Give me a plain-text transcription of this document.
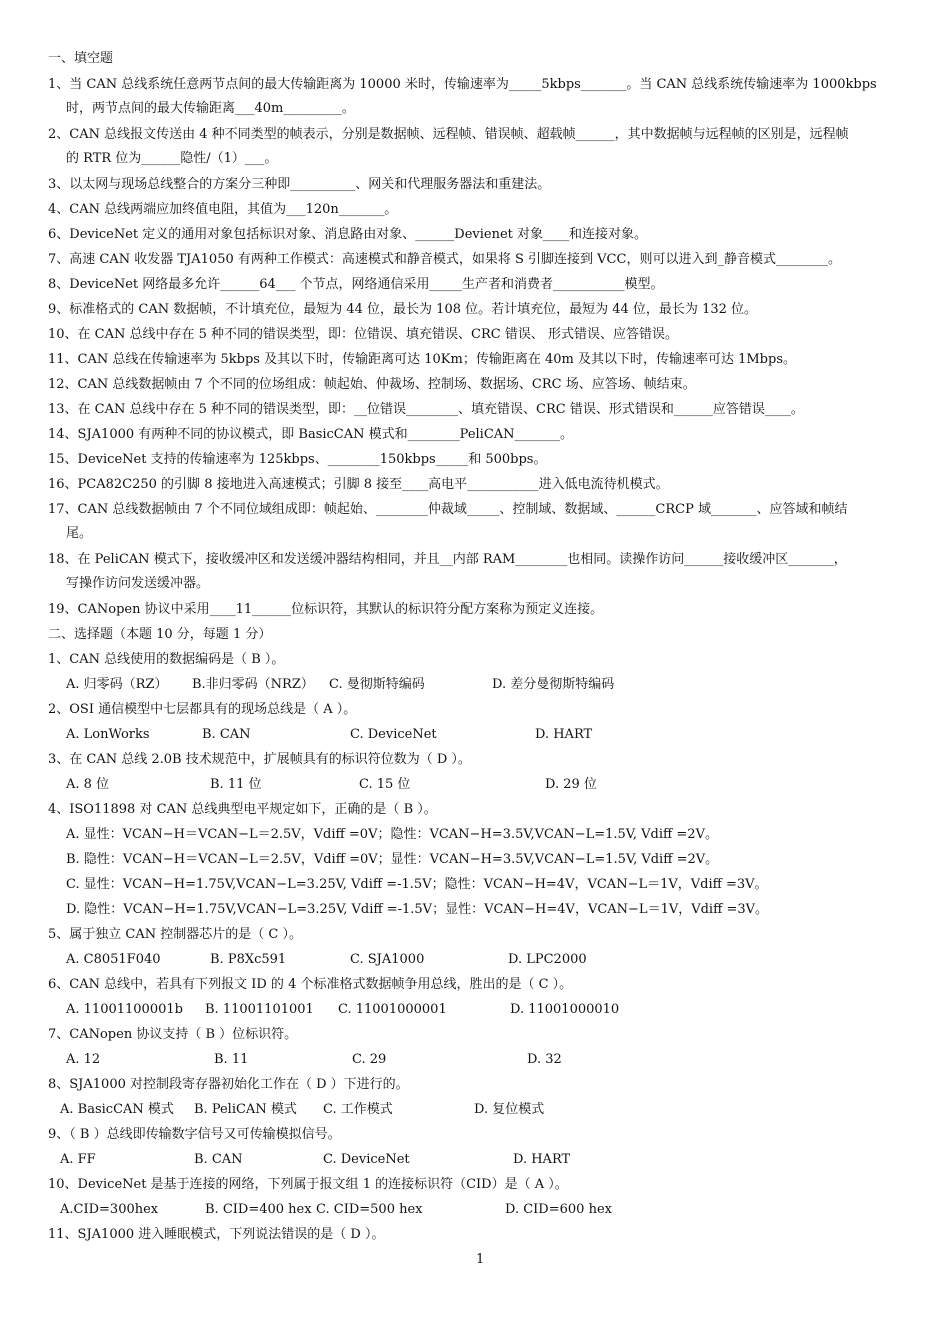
一、填空题
1、当 CAN 总线系统任意两节点间的最大传输距离为 10000 米时，传输速率为_____5kbps_______。当 CAN 总线系统传输速率为 1000kbps
时，两节点间的最大传输距离___40m_________。
2、CAN 总线报文传送由 4 种不同类型的帧表示，分别是数据帧、远程帧、错误帧、超载帧______，其中数据帧与远程帧的区别是，远程帧
的 RTR 位为______隐性/（1）___。
3、以太网与现场总线整合的方案分三种即__________、网关和代理服务器法和重建法。
4、CAN 总线两端应加终值电阻，其值为___120n_______。
6、DeviceNet 定义的通用对象包括标识对象、消息路由对象、______Devienet 对象____和连接对象。
7、高速 CAN 收发器 TJA1050 有两种工作模式：高速模式和静音模式，如果将 S 引脚连接到 VCC，则可以进入到_静音模式________。
8、DeviceNet 网络最多允许______64___ 个节点，网络通信采用_____生产者和消费者___________模型。
9、标准格式的 CAN 数据帧，不计填充位，最短为 44 位，最长为 108 位。若计填充位，最短为 44 位，最长为 132 位。
10、在 CAN 总线中存在 5 种不同的错误类型，即：位错误、填充错误、CRC 错误、 形式错误、应答错误。
11、CAN 总线在传输速率为 5kbps 及其以下时，传输距离可达 10Km；传输距离在 40m 及其以下时，传输速率可达 1Mbps。
12、CAN 总线数据帧由 7 个不同的位场组成：帧起始、仲裁场、控制场、数据场、CRC 场、应答场、帧结束。
13、在 CAN 总线中存在 5 种不同的错误类型，即：__位错误________、填充错误、CRC 错误、形式错误和______应答错误____。
14、SJA1000 有两种不同的协议模式，即 BasicCAN 模式和________PeliCAN_______。
15、DeviceNet 支持的传输速率为 125kbps、________150kbps_____和 500bps。
16、PCA82C250 的引脚 8 接地进入高速模式；引脚 8 接至____高电平___________进入低电流待机模式。
17、CAN 总线数据帧由 7 个不同位域组成即：帧起始、________仲裁域_____、控制域、数据域、______CRCP 域_______、应答域和帧结
尾。
18、在 PeliCAN 模式下，接收缓冲区和发送缓冲器结构相同，并且__内部 RAM________也相同。读操作访问______接收缓冲区_______，
写操作访问发送缓冲器。
19、CANopen 协议中采用____11______位标识符，其默认的标识符分配方案称为预定义连接。
二、选择题（本题 10 分，每题 1 分）
1、CAN 总线使用的数据编码是（ B ）。
A. 归零码（RZ） B.非归零码（NRZ） C. 曼彻斯特编码	D. 差分曼彻斯特编码
2、OSI 通信模型中七层都具有的现场总线是（ A ）。
A. LonWorks	B. CAN	C. DeviceNet	D. HART
3、在 CAN 总线 2.0B 技术规范中，扩展帧具有的标识符位数为（ D ）。
A. 8 位	B. 11 位	C. 15 位	D. 29 位
4、ISO11898 对 CAN 总线典型电平规定如下，正确的是（ B ）。
A. 显性：VCAN−H＝VCAN−L＝2.5V，Vdiff =0V；隐性：VCAN−H=3.5V,VCAN−L=1.5V, Vdiff =2V。
B. 隐性：VCAN−H＝VCAN−L＝2.5V，Vdiff =0V；显性：VCAN−H=3.5V,VCAN−L=1.5V, Vdiff =2V。
C. 显性：VCAN−H=1.75V,VCAN−L=3.25V, Vdiff =-1.5V；隐性：VCAN−H=4V，VCAN−L＝1V，Vdiff =3V。
D. 隐性：VCAN−H=1.75V,VCAN−L=3.25V, Vdiff =-1.5V；显性：VCAN−H=4V，VCAN−L＝1V，Vdiff =3V。
5、属于独立 CAN 控制器芯片的是（ C ）。
A. C8051F040	B. P8Xc591	C. SJA1000	D. LPC2000
6、CAN 总线中，若具有下列报文 ID 的 4 个标准格式数据帧争用总线，胜出的是（ C ）。
A. 11001100001b B. 11001101001 C. 11001000001	D. 11001000010
7、CANopen 协议支持（ B ）位标识符。
A. 12	B. 11	C. 29	D. 32
8、SJA1000 对控制段寄存器初始化工作在（ D ）下进行的。
A. BasicCAN 模式 B. PeliCAN 模式 C. 工作模式	D. 复位模式
9、（ B ）总线即传输数字信号又可传输模拟信号。
A. FF	B. CAN	C. DeviceNet	D. HART
10、DeviceNet 是基于连接的网络，下列属于报文组 1 的连接标识符（CID）是（ A ）。
A.CID=300hex	B. CID=400 hex C. CID=500 hex	D. CID=600 hex
11、SJA1000 进入睡眠模式，下列说法错误的是（ D ）。
1
